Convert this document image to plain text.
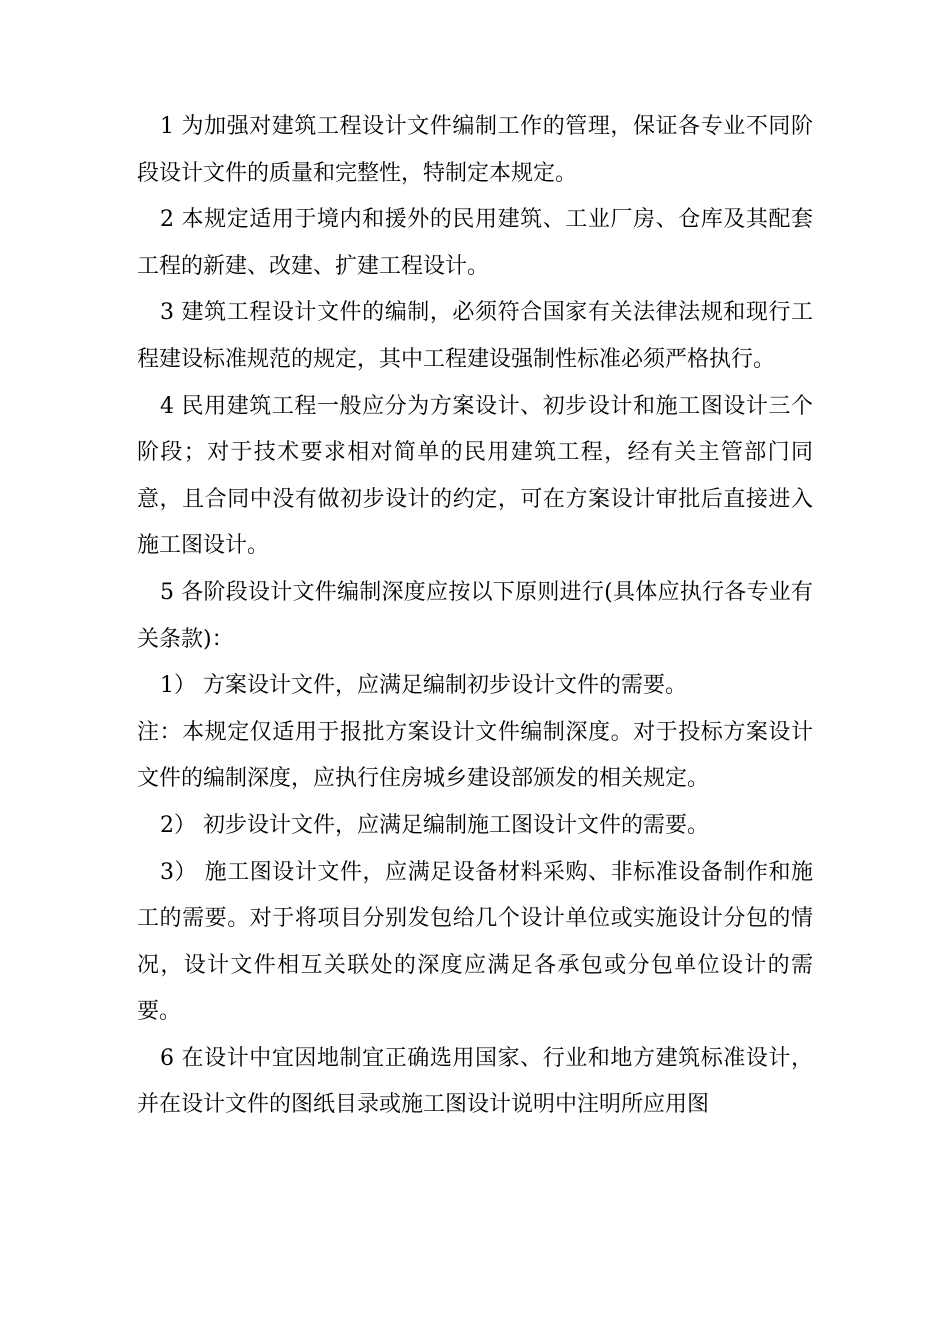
1 为加强对建筑工程设计文件编制工作的管理，保证各专业不同阶段设计文件的质量和完整性，特制定本规定。

2 本规定适用于境内和援外的民用建筑、工业厂房、仓库及其配套工程的新建、改建、扩建工程设计。

3 建筑工程设计文件的编制，必须符合国家有关法律法规和现行工程建设标准规范的规定，其中工程建设强制性标准必须严格执行。

4 民用建筑工程一般应分为方案设计、初步设计和施工图设计三个阶段；对于技术要求相对简单的民用建筑工程，经有关主管部门同意，且合同中没有做初步设计的约定，可在方案设计审批后直接进入施工图设计。

5 各阶段设计文件编制深度应按以下原则进行(具体应执行各专业有关条款)：

1） 方案设计文件，应满足编制初步设计文件的需要。

注：本规定仅适用于报批方案设计文件编制深度。对于投标方案设计文件的编制深度，应执行住房城乡建设部颁发的相关规定。

2） 初步设计文件，应满足编制施工图设计文件的需要。

3） 施工图设计文件，应满足设备材料采购、非标准设备制作和施工的需要。对于将项目分别发包给几个设计单位或实施设计分包的情况，设计文件相互关联处的深度应满足各承包或分包单位设计的需要。

6 在设计中宜因地制宜正确选用国家、行业和地方建筑标准设计，并在设计文件的图纸目录或施工图设计说明中注明所应用图
